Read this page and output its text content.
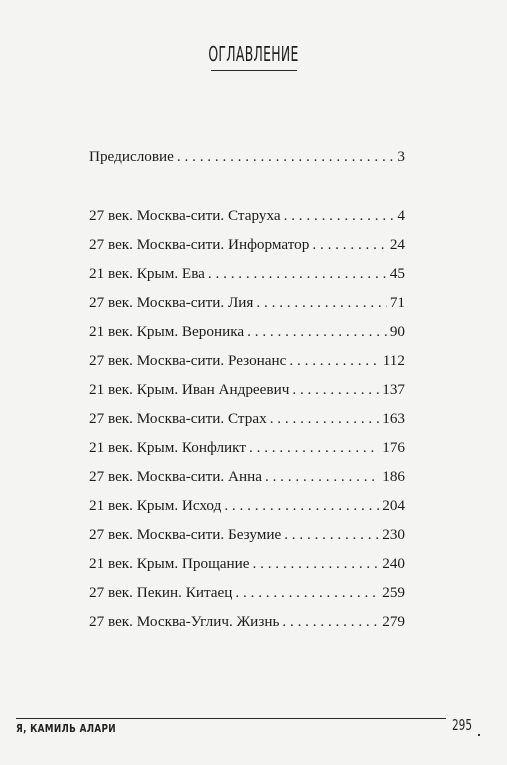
ОГЛАВЛЕНИЕ
Предисловие . . .	3
27 век. Москва-сити. Старуха . . .	4
27 век. Москва-сити. Информатор . . .	24
21 век. Крым. Ева . . .	45
27 век. Москва-сити. Лия . . .	71
21 век. Крым. Вероника . . .	90
27 век. Москва-сити. Резонанс . . .	112
21 век. Крым. Иван Андреевич . . .	137
27 век. Москва-сити. Страх . . .	163
21 век. Крым. Конфликт . . .	176
27 век. Москва-сити. Анна . . .	186
21 век. Крым. Исход . . .	204
27 век. Москва-сити. Безумие . . .	230
21 век. Крым. Прощание . . .	240
27 век. Пекин. Китаец . . .	259
27 век. Москва-Углич. Жизнь . . .	279
Я, КАМИЛЬ АЛАРИ	295
